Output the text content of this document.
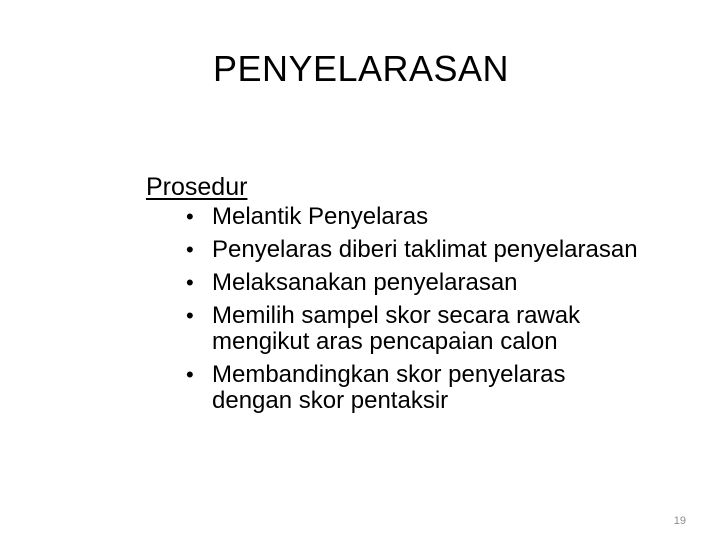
PENYELARASAN
Prosedur
• Melantik Penyelaras
• Penyelaras diberi taklimat penyelarasan
• Melaksanakan penyelarasan
• Memilih sampel skor secara rawak mengikut aras pencapaian calon
• Membandingkan skor penyelaras dengan skor pentaksir
19
